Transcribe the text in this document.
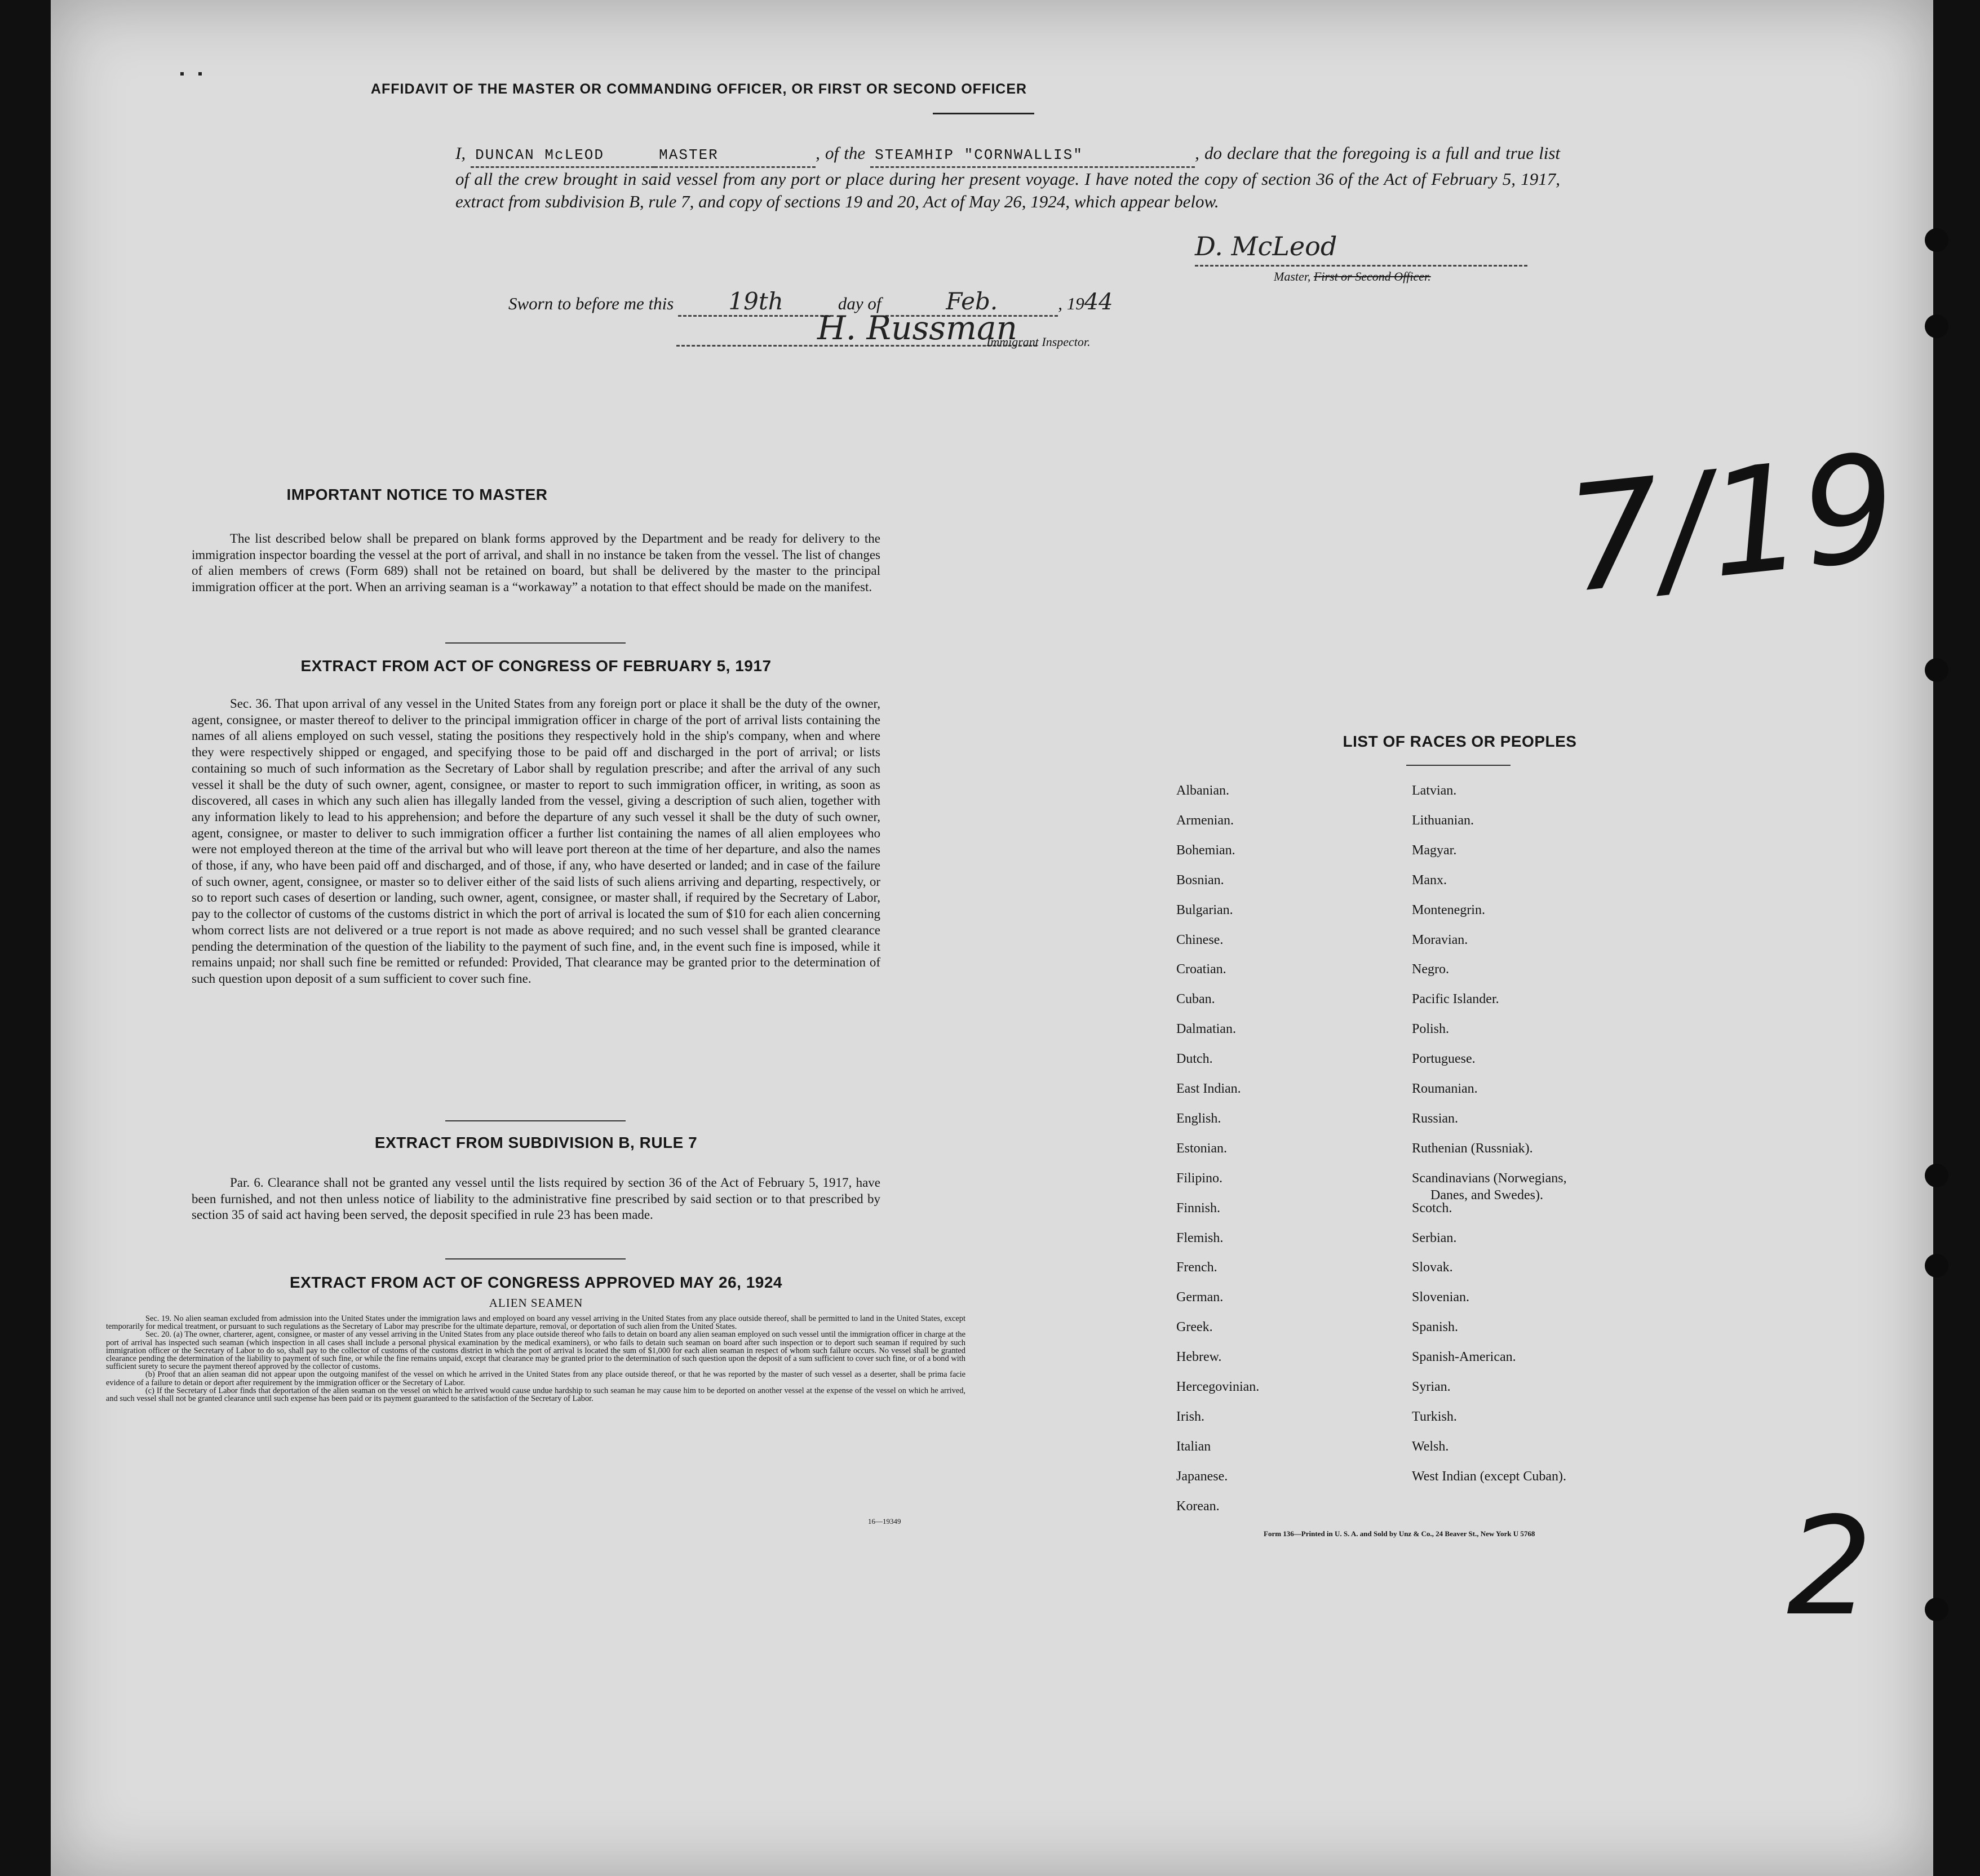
AFFIDAVIT OF THE MASTER OR COMMANDING OFFICER, OR FIRST OR SECOND OFFICER
I, DUNCAN McLEOD	MASTER	, of the STEAMHIP "CORNWALLIS"	, do declare that the foregoing is a full and true list of all the crew brought in said vessel from any port or place during her present voyage. I have noted the copy of section 36 of the Act of February 5, 1917, extract from subdivision B, rule 7, and copy of sections 19 and 20, Act of May 26, 1924, which appear below.
D. McLeod
Master, First or Second Officer.
Sworn to before me this 19th	day of	Feb.	, 1944
H. Russman
Immigrant Inspector.
7/19
2
IMPORTANT NOTICE TO MASTER
The list described below shall be prepared on blank forms approved by the Department and be ready for delivery to the immigration inspector boarding the vessel at the port of arrival, and shall in no instance be taken from the vessel. The list of changes of alien members of crews (Form 689) shall not be retained on board, but shall be delivered by the master to the principal immigration officer at the port. When an arriving seaman is a “workaway” a notation to that effect should be made on the manifest.
EXTRACT FROM ACT OF CONGRESS OF FEBRUARY 5, 1917
Sec. 36. That upon arrival of any vessel in the United States from any foreign port or place it shall be the duty of the owner, agent, consignee, or master thereof to deliver to the principal immigration officer in charge of the port of arrival lists containing the names of all aliens employed on such vessel, stating the positions they respectively hold in the ship's company, when and where they were respectively shipped or engaged, and specifying those to be paid off and discharged in the port of arrival; or lists containing so much of such information as the Secretary of Labor shall by regulation prescribe; and after the arrival of any such vessel it shall be the duty of such owner, agent, consignee, or master to report to such immigration officer, in writing, as soon as discovered, all cases in which any such alien has illegally landed from the vessel, giving a description of such alien, together with any information likely to lead to his apprehension; and before the departure of any such vessel it shall be the duty of such owner, agent, consignee, or master to deliver to such immigration officer a further list containing the names of all alien employees who were not employed thereon at the time of the arrival but who will leave port thereon at the time of her departure, and also the names of those, if any, who have been paid off and discharged, and of those, if any, who have deserted or landed; and in case of the failure of such owner, agent, consignee, or master so to deliver either of the said lists of such aliens arriving and departing, respectively, or so to report such cases of desertion or landing, such owner, agent, consignee, or master shall, if required by the Secretary of Labor, pay to the collector of customs of the customs district in which the port of arrival is located the sum of $10 for each alien concerning whom correct lists are not delivered or a true report is not made as above required; and no such vessel shall be granted clearance pending the determination of the question of the liability to the payment of such fine, and, in the event such fine is imposed, while it remains unpaid; nor shall such fine be remitted or refunded: Provided, That clearance may be granted prior to the determination of such question upon deposit of a sum sufficient to cover such fine.
EXTRACT FROM SUBDIVISION B, RULE 7
Par. 6. Clearance shall not be granted any vessel until the lists required by section 36 of the Act of February 5, 1917, have been furnished, and not then unless notice of liability to the administrative fine prescribed by said section or to that prescribed by section 35 of said act having been served, the deposit specified in rule 23 has been made.
EXTRACT FROM ACT OF CONGRESS APPROVED MAY 26, 1924
ALIEN SEAMEN
Sec. 19. No alien seaman excluded from admission into the United States under the immigration laws and employed on board any vessel arriving in the United States from any place outside thereof, shall be permitted to land in the United States, except temporarily for medical treatment, or pursuant to such regulations as the Secretary of Labor may prescribe for the ultimate departure, removal, or deportation of such alien from the United States.
Sec. 20. (a) The owner, charterer, agent, consignee, or master of any vessel arriving in the United States from any place outside thereof who fails to detain on board any alien seaman employed on such vessel until the immigration officer in charge at the port of arrival has inspected such seaman (which inspection in all cases shall include a personal physical examination by the medical examiners), or who fails to detain such seaman on board after such inspection or to deport such seaman if required by such immigration officer or the Secretary of Labor to do so, shall pay to the collector of customs of the customs district in which the port of arrival is located the sum of $1,000 for each alien seaman in respect of whom such failure occurs. No vessel shall be granted clearance pending the determination of the liability to payment of such fine, or while the fine remains unpaid, except that clearance may be granted prior to the determination of such question upon the deposit of a sum sufficient to cover such fine, or of a bond with sufficient surety to secure the payment thereof approved by the collector of customs.
(b) Proof that an alien seaman did not appear upon the outgoing manifest of the vessel on which he arrived in the United States from any place outside thereof, or that he was reported by the master of such vessel as a deserter, shall be prima facie evidence of a failure to detain or deport after requirement by the immigration officer or the Secretary of Labor.
(c) If the Secretary of Labor finds that deportation of the alien seaman on the vessel on which he arrived would cause undue hardship to such seaman he may cause him to be deported on another vessel at the expense of the vessel on which he arrived, and such vessel shall not be granted clearance until such expense has been paid or its payment guaranteed to the satisfaction of the Secretary of Labor.
16—19349
LIST OF RACES OR PEOPLES
Albanian.
Armenian.
Bohemian.
Bosnian.
Bulgarian.
Chinese.
Croatian.
Cuban.
Dalmatian.
Dutch.
East Indian.
English.
Estonian.
Filipino.
Finnish.
Flemish.
French.
German.
Greek.
Hebrew.
Hercegovinian.
Irish.
Italian
Japanese.
Korean.
Latvian.
Lithuanian.
Magyar.
Manx.
Montenegrin.
Moravian.
Negro.
Pacific Islander.
Polish.
Portuguese.
Roumanian.
Russian.
Ruthenian (Russniak).
Scandinavians (Norwegians,
Danes, and Swedes).
Scotch.
Serbian.
Slovak.
Slovenian.
Spanish.
Spanish-American.
Syrian.
Turkish.
Welsh.
West Indian (except Cuban).
Form 136—Printed in U. S. A. and Sold by Unz & Co., 24 Beaver St., New York U 5768
